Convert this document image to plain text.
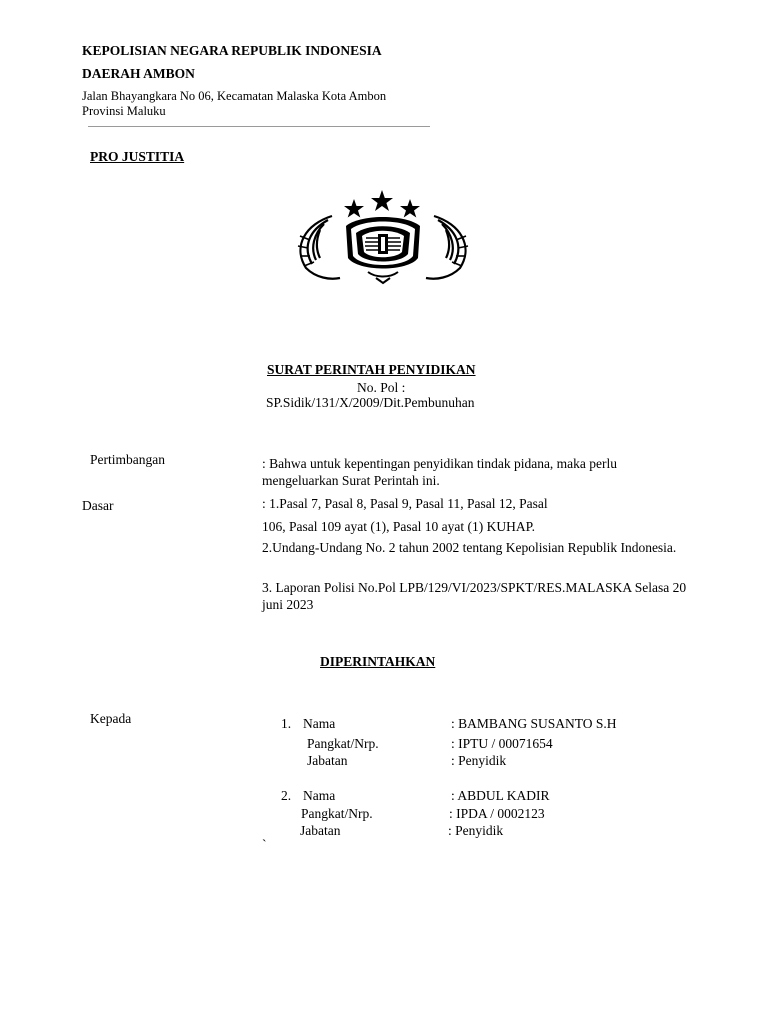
KEPOLISIAN NEGARA REPUBLIK INDONESIA
DAERAH AMBON
Jalan Bhayangkara No 06, Kecamatan Malaska Kota Ambon
Provinsi Maluku
PRO JUSTITIA
SURAT PERINTAH PENYIDIKAN
No. Pol :
SP.Sidik/131/X/2009/Dit.Pembunuhan
Pertimbangan	: Bahwa untuk kepentingan penyidikan tindak pidana, maka perlu mengeluarkan Surat Perintah ini.
Dasar	: 1.Pasal 7, Pasal 8, Pasal 9, Pasal 11, Pasal 12, Pasal
106, Pasal 109 ayat (1), Pasal 10 ayat (1) KUHAP.
2.Undang-Undang No. 2 tahun 2002 tentang Kepolisian Republik Indonesia.
3. Laporan Polisi No.Pol LPB/129/VI/2023/SPKT/RES.MALASKA Selasa 20 juni 2023
DIPERINTAHKAN
Kepada	1. Nama	: BAMBANG SUSANTO S.H
Pangkat/Nrp.	: IPTU / 00071654
Jabatan	: Penyidik
2. Nama	: ABDUL KADIR
Pangkat/Nrp.	: IPDA / 0002123
Jabatan	: Penyidik
`
